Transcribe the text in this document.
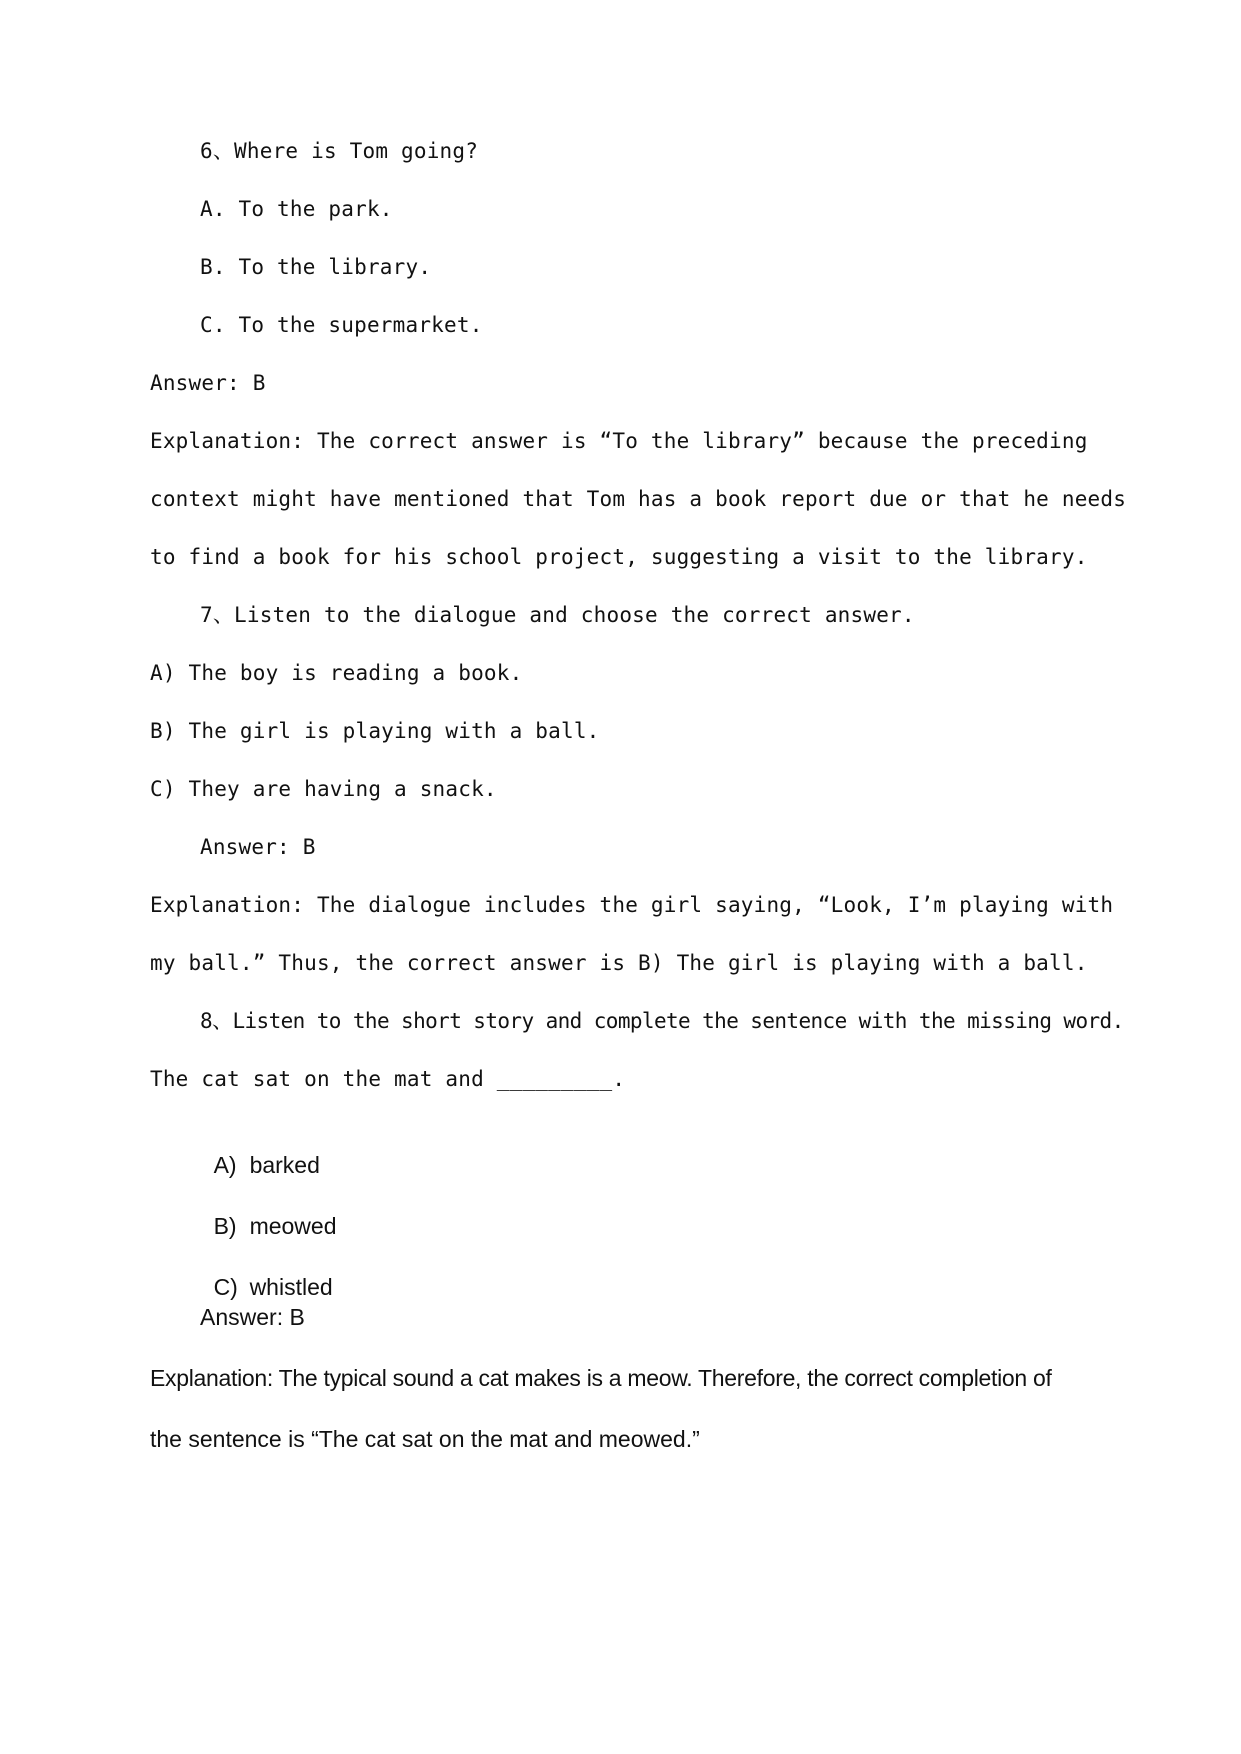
6、Where is Tom going?
A. To the park.
B. To the library.
C. To the supermarket.
Answer: B
Explanation: The correct answer is “To the library” because the preceding
context might have mentioned that Tom has a book report due or that he needs
to find a book for his school project, suggesting a visit to the library.
7、Listen to the dialogue and choose the correct answer.
A) The boy is reading a book.
B) The girl is playing with a ball.
C) They are having a snack.
Answer: B
Explanation: The dialogue includes the girl saying, “Look, I’m playing with
my ball.” Thus, the correct answer is B) The girl is playing with a ball.
8、Listen to the short story and complete the sentence with the missing word.
The cat sat on the mat and _________.

A) barked

B) meowed

C) whistled

Answer: B
Explanation: The typical sound a cat makes is a meow. Therefore, the correct completion of
the sentence is “The cat sat on the mat and meowed.”
